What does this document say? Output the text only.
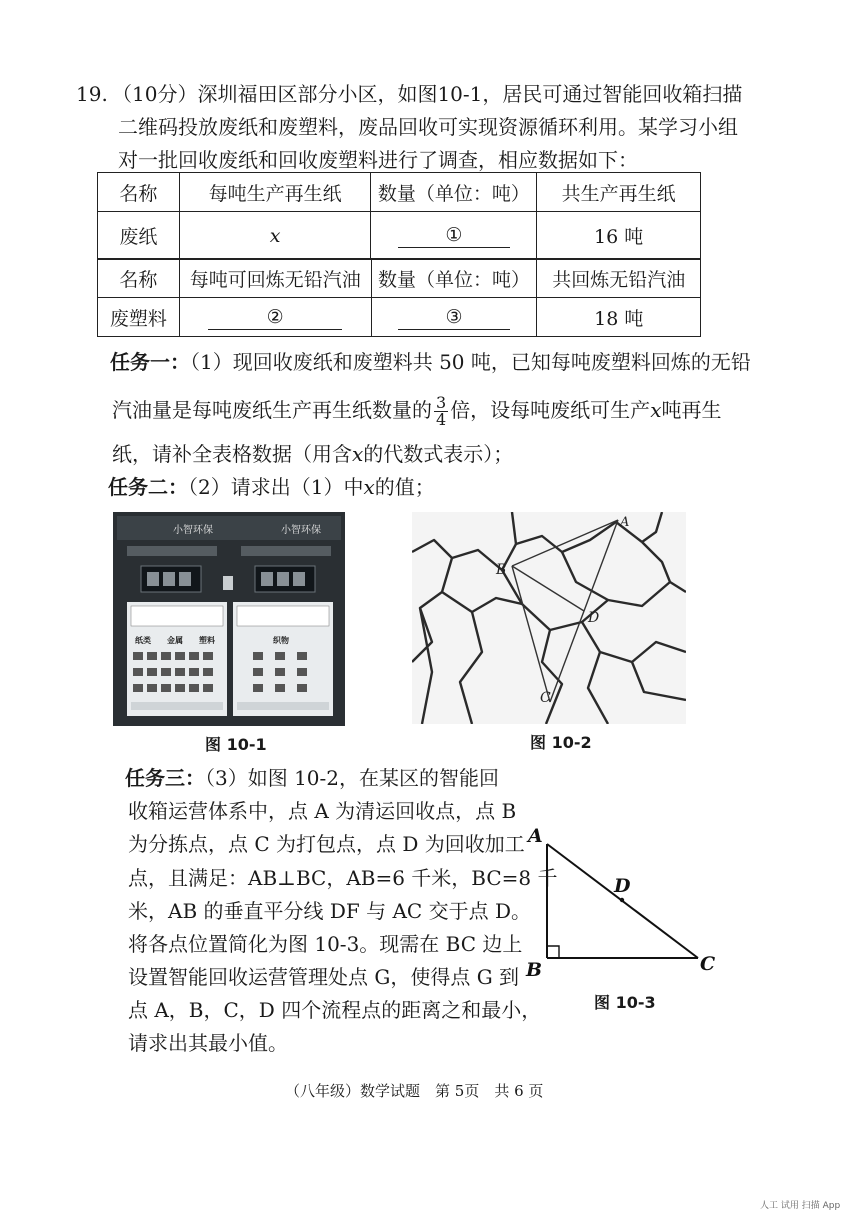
19. （10分）深圳福田区部分小区，如图10-1，居民可通过智能回收箱扫描
二维码投放废纸和废塑料，废品回收可实现资源循环利用。某学习小组
对一批回收废纸和回收废塑料进行了调查，相应数据如下：
名称	每吨生产再生纸	数量（单位：吨）	共生产再生纸
废纸	x	①	16 吨
名称	每吨可回炼无铅汽油	数量（单位：吨）	共回炼无铅汽油
废塑料	②	③	18 吨
任务一：（1）现回收废纸和废塑料共 50 吨，已知每吨废塑料回炼的无铅
汽油量是每吨废纸生产再生纸数量的 $\frac{3}{4}$ 倍，设每吨废纸可生产x吨再生
纸，请补全表格数据（用含x的代数式表示）；
任务二：（2）请求出（1）中x的值；
小智环保	小智环保
纸类 金属 塑料	织物
图 10-1
A
B
D
C
图 10-2
任务三：（3）如图 10-2，在某区的智能回
收箱运营体系中，点 A 为清运回收点，点 B
为分拣点，点 C 为打包点，点 D 为回收加工
点，且满足：AB⊥BC，AB=6 千米，BC=8 千
米，AB 的垂直平分线 DF 与 AC 交于点 D。
将各点位置简化为图 10-3。现需在 BC 边上
设置智能回收运营管理处点 G，使得点 G 到
点 A，B，C，D 四个流程点的距离之和最小，
请求出其最小值。
A
D
B	C
图 10-3
（八年级）数学试题　第 5页　共 6 页
人工 试用 扫描 App
